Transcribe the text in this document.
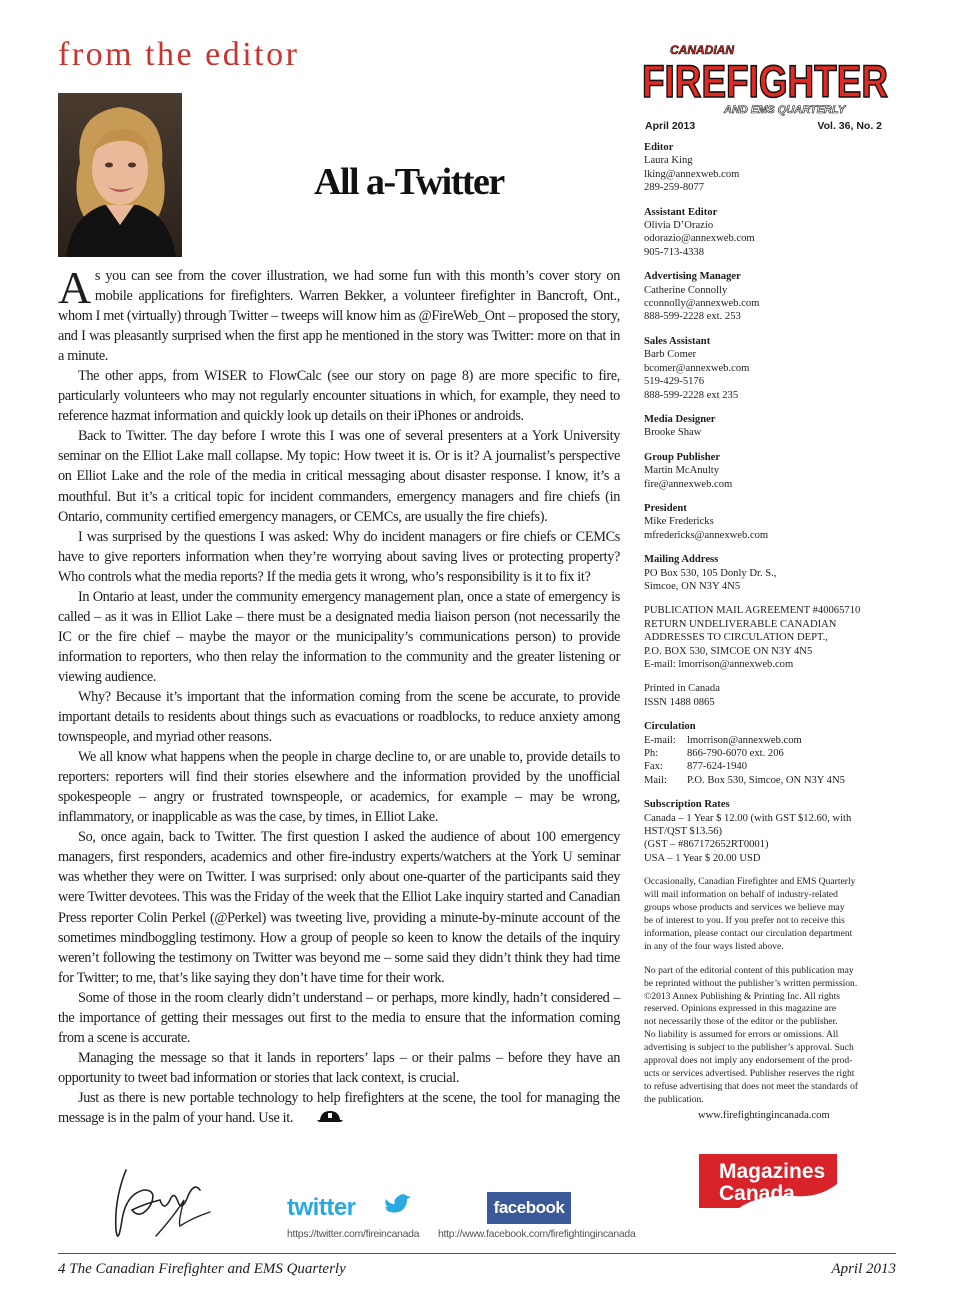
from the editor
All a-Twitter

As you can see from the cover illustration, we had some fun with this month’s cover story on mobile applications for firefighters. Warren Bekker, a volunteer firefighter in Bancroft, Ont., whom I met (virtually) through Twitter – tweeps will know him as @FireWeb_Ont – proposed the story, and I was pleasantly surprised when the first app he mentioned in the story was Twitter: more on that in a minute.

The other apps, from WISER to FlowCalc (see our story on page 8) are more specific to fire, particularly volunteers who may not regularly encounter situations in which, for example, they need to reference hazmat information and quickly look up details on their iPhones or androids.

Back to Twitter. The day before I wrote this I was one of several presenters at a York University seminar on the Elliot Lake mall collapse. My topic: How tweet it is. Or is it? A journalist’s perspective on Elliot Lake and the role of the media in critical messaging about disaster response. I know, it’s a mouthful. But it’s a critical topic for incident commanders, emergency managers and fire chiefs (in Ontario, community certified emergency managers, or CEMCs, are usually the fire chiefs).

I was surprised by the questions I was asked: Why do incident managers or fire chiefs or CEMCs have to give reporters information when they’re worrying about saving lives or protecting property? Who controls what the media reports? If the media gets it wrong, who’s responsibility is it to fix it?

In Ontario at least, under the community emergency management plan, once a state of emergency is called – as it was in Elliot Lake – there must be a designated media liaison person (not necessarily the IC or the fire chief – maybe the mayor or the municipality’s communications person) to provide information to reporters, who then relay the information to the community and the greater listening or viewing audience.

Why? Because it’s important that the information coming from the scene be accurate, to provide important details to residents about things such as evacuations or roadblocks, to reduce anxiety among townspeople, and myriad other reasons.

We all know what happens when the people in charge decline to, or are unable to, provide details to reporters: reporters will find their stories elsewhere and the information provided by the unofficial spokespeople – angry or frustrated townspeople, or academics, for example – may be wrong, inflammatory, or inapplicable as was the case, by times, in Elliot Lake.

So, once again, back to Twitter. The first question I asked the audience of about 100 emergency managers, first responders, academics and other fire-industry experts/watchers at the York U seminar was whether they were on Twitter. I was surprised: only about one-quarter of the participants said they were Twitter devotees. This was the Friday of the week that the Elliot Lake inquiry started and Canadian Press reporter Colin Perkel (@Perkel) was tweeting live, providing a minute-by-minute account of the sometimes mindboggling testimony. How a group of people so keen to know the details of the inquiry weren’t following the testimony on Twitter was beyond me – some said they didn’t think they had time for Twitter; to me, that’s like saying they don’t have time for their work.

Some of those in the room clearly didn’t understand – or perhaps, more kindly, hadn’t considered – the importance of getting their messages out first to the media to ensure that the information coming from a scene is accurate.

Managing the message so that it lands in reporters’ laps – or their palms – before they have an opportunity to tweet bad information or stories that lack context, is crucial.

Just as there is new portable technology to help firefighters at the scene, the tool for managing the message is in the palm of your hand. Use it.

CANADIAN
FIREFIGHTER
AND EMS QUARTERLY
April 2013	Vol. 36, No. 2
Editor
Laura King
lking@annexweb.com
289-259-8077
Assistant Editor
Olivia D’Orazio
odorazio@annexweb.com
905-713-4338
Advertising Manager
Catherine Connolly
cconnolly@annexweb.com
888-599-2228 ext. 253
Sales Assistant
Barb Comer
bcomer@annexweb.com
519-429-5176
888-599-2228 ext 235
Media Designer
Brooke Shaw
Group Publisher
Martin McAnulty
fire@annexweb.com
President
Mike Fredericks
mfredericks@annexweb.com
Mailing Address
PO Box 530, 105 Donly Dr. S.,
Simcoe, ON N3Y 4N5
PUBLICATION MAIL AGREEMENT #40065710
RETURN UNDELIVERABLE CANADIAN
ADDRESSES TO CIRCULATION DEPT.,
P.O. BOX 530, SIMCOE ON N3Y 4N5
E-mail: lmorrison@annexweb.com
Printed in Canada
ISSN 1488 0865
Circulation
E-mail:	lmorrison@annexweb.com
Ph:	866-790-6070 ext. 206
Fax:	877-624-1940
Mail:	P.O. Box 530, Simcoe, ON N3Y 4N5
Subscription Rates
Canada – 1 Year $ 12.00 (with GST $12.60, with
HST/QST $13.56)
(GST – #867172652RT0001)
USA – 1 Year $ 20.00 USD
Occasionally, Canadian Firefighter and EMS Quarterly
will mail information on behalf of industry-related
groups whose products and services we believe may
be of interest to you. If you prefer not to receive this
information, please contact our circulation department
in any of the four ways listed above.
No part of the editorial content of this publication may
be reprinted without the publisher’s written permission.
©2013 Annex Publishing & Printing Inc. All rights
reserved. Opinions expressed in this magazine are
not necessarily those of the editor or the publisher.
No liability is assumed for errors or omissions. All
advertising is subject to the publisher’s approval. Such
approval does not imply any endorsement of the prod-
ucts or services advertised. Publisher reserves the right
to refuse advertising that does not meet the standards of
the publication.
www.firefightingincanada.com
Magazines
Canada
twitter
https://twitter.com/fireincanada
facebook
http://www.facebook.com/firefightingincanada
4 The Canadian Firefighter and EMS Quarterly	April 2013
